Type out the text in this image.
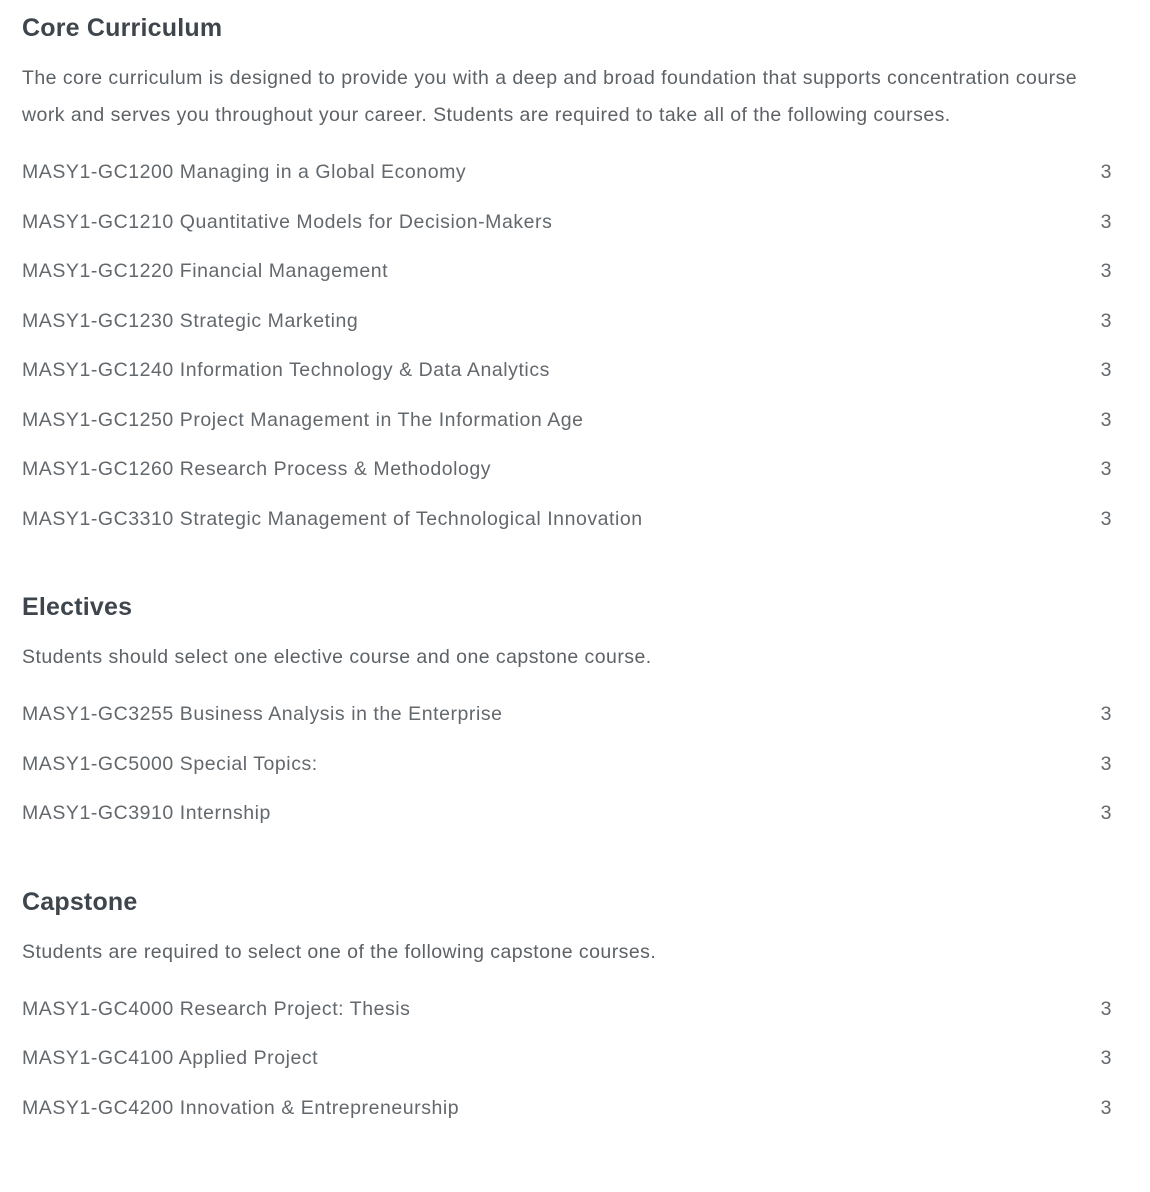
Core Curriculum

The core curriculum is designed to provide you with a deep and broad foundation that supports concentration course work and serves you throughout your career. Students are required to take all of the following courses.

MASY1-GC1200 Managing in a Global Economy	3
MASY1-GC1210 Quantitative Models for Decision-Makers	3
MASY1-GC1220 Financial Management	3
MASY1-GC1230 Strategic Marketing	3
MASY1-GC1240 Information Technology & Data Analytics	3
MASY1-GC1250 Project Management in The Information Age	3
MASY1-GC1260 Research Process & Methodology	3
MASY1-GC3310 Strategic Management of Technological Innovation	3
Electives

Students should select one elective course and one capstone course.

MASY1-GC3255 Business Analysis in the Enterprise	3
MASY1-GC5000 Special Topics:	3
MASY1-GC3910 Internship	3
Capstone

Students are required to select one of the following capstone courses.

MASY1-GC4000 Research Project: Thesis	3
MASY1-GC4100 Applied Project	3
MASY1-GC4200 Innovation & Entrepreneurship	3
